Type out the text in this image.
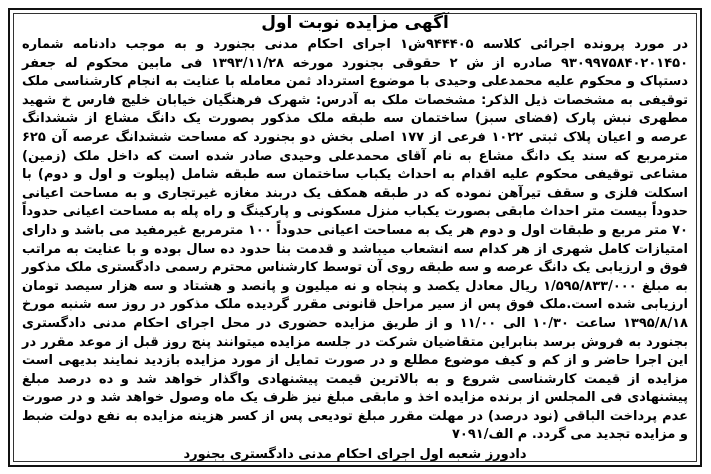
آگهی مزایده نوبت اول
در مورد پرونده اجرائی کلاسه ۹۴۴۴۰۵ش۱ اجرای احکام مدنی بجنورد و به موجب دادنامه شماره ۹۳۰۹۹۷۵۸۴۰۲۰۱۴۵۰ صادره از ش ۲ حقوقی بجنورد مورخه ۱۳۹۳/۱۱/۲۸ فی مابین محکوم له جعفر دستپاک و محکوم علیه محمدعلی وحیدی با موضوع استرداد ثمن معامله با عنایت به انجام کارشناسی ملک توقیفی به مشخصات ذیل الذکر: مشخصات ملک به آدرس: شهرک فرهنگیان خیابان خلیج فارس خ شهید مطهری نبش پارک (فضای سبز) ساختمان سه طبقه ملک مذکور بصورت یک دانگ مشاع از ششدانگ عرصه و اعیان پلاک ثبتی ۱۰۲۲ فرعی از ۱۷۷ اصلی بخش دو بجنورد که مساحت ششدانگ عرصه آن ۶۲۵ مترمربع که سند یک دانگ مشاع به نام آقای محمدعلی وحیدی صادر شده است که داخل ملک (زمین) مشاعی توقیفی محکوم علیه اقدام به احداث یکباب ساختمان سه طبقه شامل (پیلوت و اول و دوم) با اسکلت فلزی و سقف تیرآهن نموده که در طبقه همکف یک دربند مغازه غیرتجاری و به مساحت اعیانی حدوداً بیست متر احداث مابقی بصورت یکباب منزل مسکونی و پارکینگ و راه پله به مساحت اعیانی حدوداً ۷۰ متر مربع و طبقات اول و دوم هر یک به مساحت اعیانی حدوداً ۱۰۰ مترمربع غیرمفید می باشد و دارای امتیازات کامل شهری از هر کدام سه انشعاب میباشد و قدمت بنا حدود ده سال بوده و با عنایت به مراتب فوق و ارزیابی یک دانگ عرصه و سه طبقه روی آن توسط کارشناس محترم رسمی دادگستری ملک مذکور به مبلغ ۱/۵۹۵/۸۳۳/۰۰۰ ریال معادل یکصد و پنجاه و نه میلیون و پانصد و هشتاد و سه هزار سیصد تومان ارزیابی شده است.ملک فوق پس از سیر مراحل قانونی مقرر گردیده ملک مذکور در روز سه شنبه مورخ ۱۳۹۵/۸/۱۸ ساعت ۱۰/۳۰ الی ۱۱/۰۰ و از طریق مزایده حضوری در محل اجرای احکام مدنی دادگستری بجنورد به فروش برسد بنابراین متقاضیان شرکت در جلسه مزایده میتوانند پنج روز قبل از موعد مقرر در این اجرا حاضر و از کم و کیف موضوع مطلع و در صورت تمایل از مورد مزایده بازدید نمایند بدیهی است مزایده از قیمت کارشناسی شروع و به بالاترین قیمت پیشنهادی واگذار خواهد شد و ده درصد مبلغ پیشنهادی فی المجلس از برنده مزایده اخذ و مابقی مبلغ نیز ظرف یک ماه وصول خواهد شد و در صورت عدم پرداخت الباقی (نود درصد) در مهلت مقرر مبلغ تودیعی پس از کسر هزینه مزایده به نفع دولت ضبط و مزایده تجدید می گردد. م الف/۷۰۹۱
دادورز شعبه اول اجرای احکام مدنی دادگستری بجنورد
